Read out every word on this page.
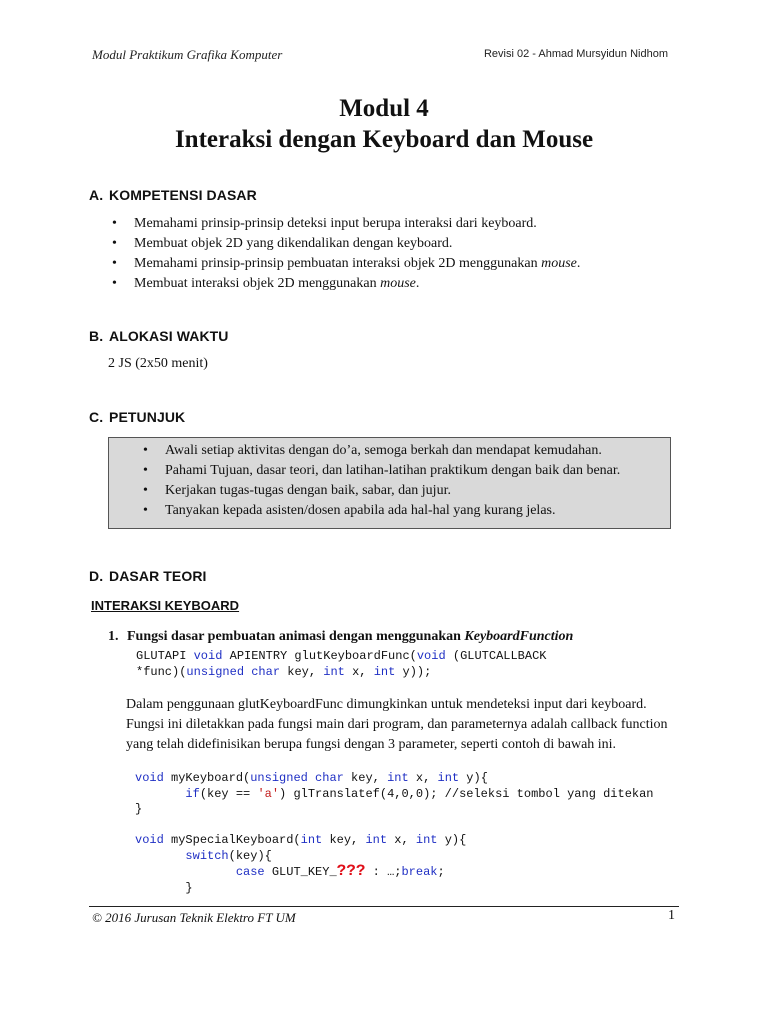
Modul Praktikum Grafika Komputer	Revisi 02 - Ahmad Mursyidun Nidhom
Modul 4
Interaksi dengan Keyboard dan Mouse
A. KOMPETENSI DASAR
• Memahami prinsip-prinsip deteksi input berupa interaksi dari keyboard.
• Membuat objek 2D yang dikendalikan dengan keyboard.
• Memahami prinsip-prinsip pembuatan interaksi objek 2D menggunakan mouse.
• Membuat interaksi objek 2D menggunakan mouse.
B. ALOKASI WAKTU
2 JS (2x50 menit)
C. PETUNJUK
• Awali setiap aktivitas dengan do’a, semoga berkah dan mendapat kemudahan.
• Pahami Tujuan, dasar teori, dan latihan-latihan praktikum dengan baik dan benar.
• Kerjakan tugas-tugas dengan baik, sabar, dan jujur.
• Tanyakan kepada asisten/dosen apabila ada hal-hal yang kurang jelas.
D. DASAR TEORI
INTERAKSI KEYBOARD
1. Fungsi dasar pembuatan animasi dengan menggunakan KeyboardFunction
GLUTAPI void APIENTRY glutKeyboardFunc(void (GLUTCALLBACK
*func)(unsigned char key, int x, int y));
Dalam penggunaan glutKeyboardFunc dimungkinkan untuk mendeteksi input dari keyboard. Fungsi ini diletakkan pada fungsi main dari program, dan parameternya adalah callback function yang telah didefinisikan berupa fungsi dengan 3 parameter, seperti contoh di bawah ini.
void myKeyboard(unsigned char key, int x, int y){
if(key == 'a') glTranslatef(4,0,0); //seleksi tombol yang ditekan
}

void mySpecialKeyboard(int key, int x, int y){
switch(key){
case GLUT_KEY_??? : …;break;
}
© 2016 Jurusan Teknik Elektro FT UM	1
